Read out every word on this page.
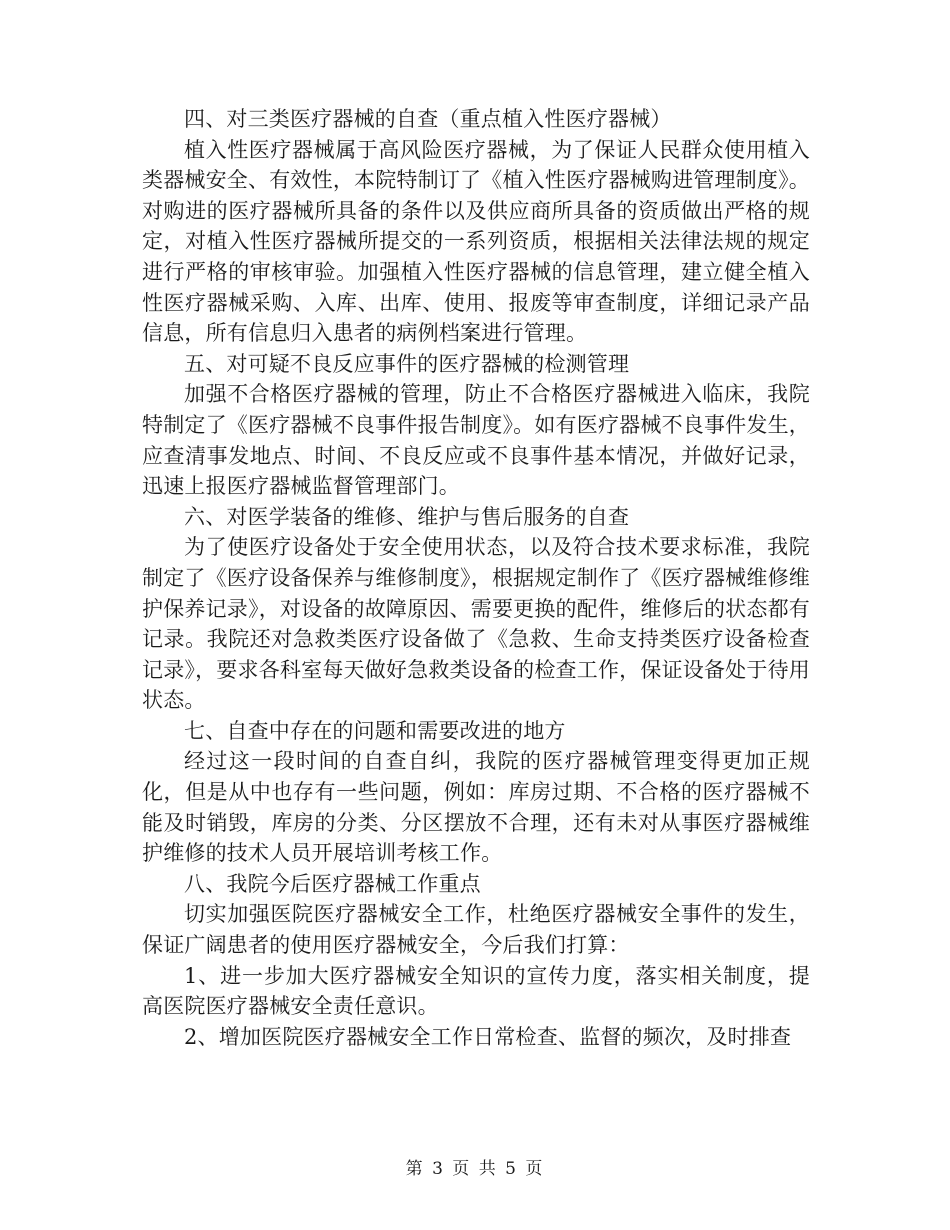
四、对三类医疗器械的自查（重点植入性医疗器械）

植入性医疗器械属于高风险医疗器械，为了保证人民群众使用植入类器械安全、有效性，本院特制订了《植入性医疗器械购进管理制度》。对购进的医疗器械所具备的条件以及供应商所具备的资质做出严格的规定，对植入性医疗器械所提交的一系列资质，根据相关法律法规的规定进行严格的审核审验。加强植入性医疗器械的信息管理，建立健全植入性医疗器械采购、入库、出库、使用、报废等审查制度，详细记录产品信息，所有信息归入患者的病例档案进行管理。

五、对可疑不良反应事件的医疗器械的检测管理

加强不合格医疗器械的管理，防止不合格医疗器械进入临床，我院特制定了《医疗器械不良事件报告制度》。如有医疗器械不良事件发生，应查清事发地点、时间、不良反应或不良事件基本情况，并做好记录，迅速上报医疗器械监督管理部门。

六、对医学装备的维修、维护与售后服务的自查

为了使医疗设备处于安全使用状态，以及符合技术要求标准，我院制定了《医疗设备保养与维修制度》，根据规定制作了《医疗器械维修维护保养记录》，对设备的故障原因、需要更换的配件，维修后的状态都有记录。我院还对急救类医疗设备做了《急救、生命支持类医疗设备检查记录》，要求各科室每天做好急救类设备的检查工作，保证设备处于待用状态。

七、自查中存在的问题和需要改进的地方

经过这一段时间的自查自纠，我院的医疗器械管理变得更加正规化，但是从中也存有一些问题，例如：库房过期、不合格的医疗器械不能及时销毁，库房的分类、分区摆放不合理，还有未对从事医疗器械维护维修的技术人员开展培训考核工作。

八、我院今后医疗器械工作重点

切实加强医院医疗器械安全工作，杜绝医疗器械安全事件的发生，保证广阔患者的使用医疗器械安全，今后我们打算：

1、进一步加大医疗器械安全知识的宣传力度，落实相关制度，提高医院医疗器械安全责任意识。

2、增加医院医疗器械安全工作日常检查、监督的频次，及时排查

第 3 页 共 5 页
